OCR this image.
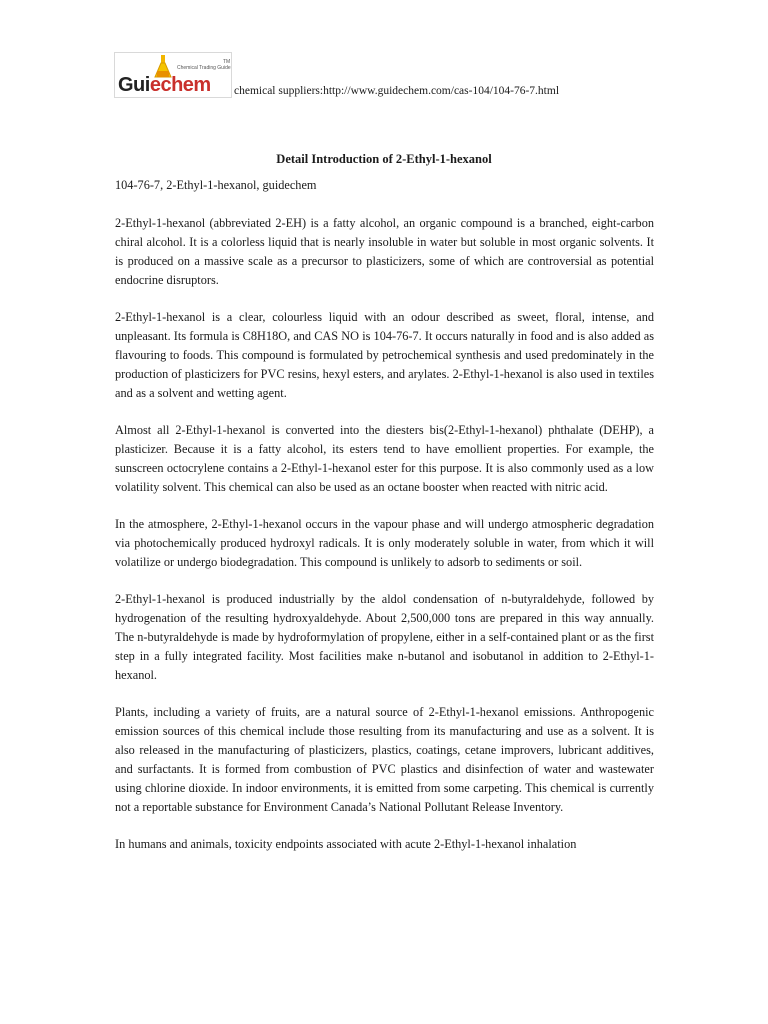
Chemical Trading Guide
TM
Guiechem chemical suppliers:http://www.guidechem.com/cas-104/104-76-7.html
Detail Introduction of 2-Ethyl-1-hexanol

104-76-7, 2-Ethyl-1-hexanol, guidechem

2-Ethyl-1-hexanol (abbreviated 2-EH) is a fatty alcohol, an organic compound is a branched, eight-carbon chiral alcohol. It is a colorless liquid that is nearly insoluble in water but soluble in most organic solvents. It is produced on a massive scale as a precursor to plasticizers, some of which are controversial as potential endocrine disruptors.

2-Ethyl-1-hexanol is a clear, colourless liquid with an odour described as sweet, floral, intense, and unpleasant. Its formula is C8H18O, and CAS NO is 104-76-7. It occurs naturally in food and is also added as flavouring to foods. This compound is formulated by petrochemical synthesis and used predominately in the production of plasticizers for PVC resins, hexyl esters, and arylates. 2-Ethyl-1-hexanol is also used in textiles and as a solvent and wetting agent.

Almost all 2-Ethyl-1-hexanol is converted into the diesters bis(2-Ethyl-1-hexanol) phthalate (DEHP), a plasticizer. Because it is a fatty alcohol, its esters tend to have emollient properties. For example, the sunscreen octocrylene contains a 2-Ethyl-1-hexanol ester for this purpose. It is also commonly used as a low volatility solvent. This chemical can also be used as an octane booster when reacted with nitric acid.

In the atmosphere, 2-Ethyl-1-hexanol occurs in the vapour phase and will undergo atmospheric degradation via photochemically produced hydroxyl radicals. It is only moderately soluble in water, from which it will volatilize or undergo biodegradation. This compound is unlikely to adsorb to sediments or soil.

2-Ethyl-1-hexanol is produced industrially by the aldol condensation of n-butyraldehyde, followed by hydrogenation of the resulting hydroxyaldehyde. About 2,500,000 tons are prepared in this way annually. The n-butyraldehyde is made by hydroformylation of propylene, either in a self-contained plant or as the first step in a fully integrated facility. Most facilities make n-butanol and isobutanol in addition to 2-Ethyl-1-hexanol.

Plants, including a variety of fruits, are a natural source of 2-Ethyl-1-hexanol emissions. Anthropogenic emission sources of this chemical include those resulting from its manufacturing and use as a solvent. It is also released in the manufacturing of plasticizers, plastics, coatings, cetane improvers, lubricant additives, and surfactants. It is formed from combustion of PVC plastics and disinfection of water and wastewater using chlorine dioxide. In indoor environments, it is emitted from some carpeting. This chemical is currently not a reportable substance for Environment Canada’s National Pollutant Release Inventory.

In humans and animals, toxicity endpoints associated with acute 2-Ethyl-1-hexanol inhalation
